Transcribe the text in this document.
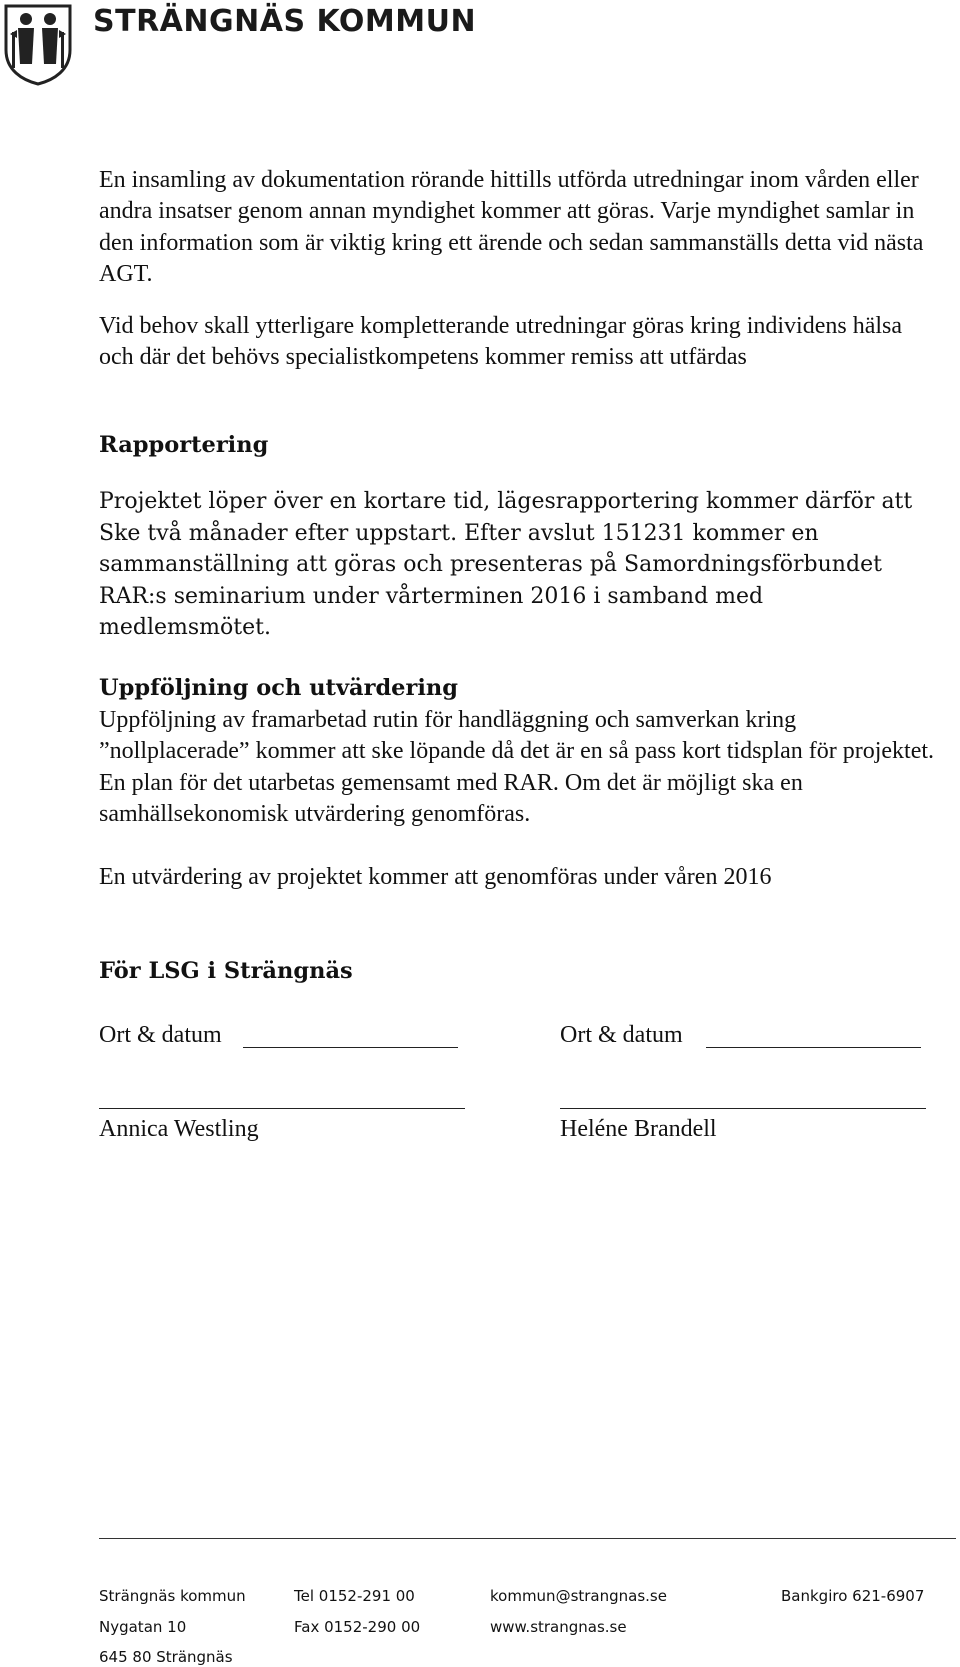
STRÄNGNÄS KOMMUN

En insamling av dokumentation rörande hittills utförda utredningar inom vården eller andra insatser genom annan myndighet kommer att göras. Varje myndighet samlar in den information som är viktig kring ett ärende och sedan sammanställs detta vid nästa AGT.

Vid behov skall ytterligare kompletterande utredningar göras kring individens hälsa och där det behövs specialistkompetens kommer remiss att utfärdas

Rapportering

Projektet löper över en kortare tid, lägesrapportering kommer därför att Ske två månader efter uppstart. Efter avslut 151231 kommer en sammanställning att göras och presenteras på Samordningsförbundet RAR:s seminarium under vårterminen 2016 i samband med medlemsmötet.

Uppföljning och utvärdering

Uppföljning av framarbetad rutin för handläggning och samverkan kring ”nollplacerade” kommer att ske löpande då det är en så pass kort tidsplan för projektet. En plan för det utarbetas gemensamt med RAR. Om det är möjligt ska en samhällsekonomisk utvärdering genomföras.

En utvärdering av projektet kommer att genomföras under våren 2016

För LSG i Strängnäs
Ort & datum	Ort & datum
Annica Westling	Heléne Brandell
Strängnäs kommun
Nygatan 10
645 80 Strängnäs
Tel 0152-291 00
Fax 0152-290 00
kommun@strangnas.se
www.strangnas.se
Bankgiro 621-6907
